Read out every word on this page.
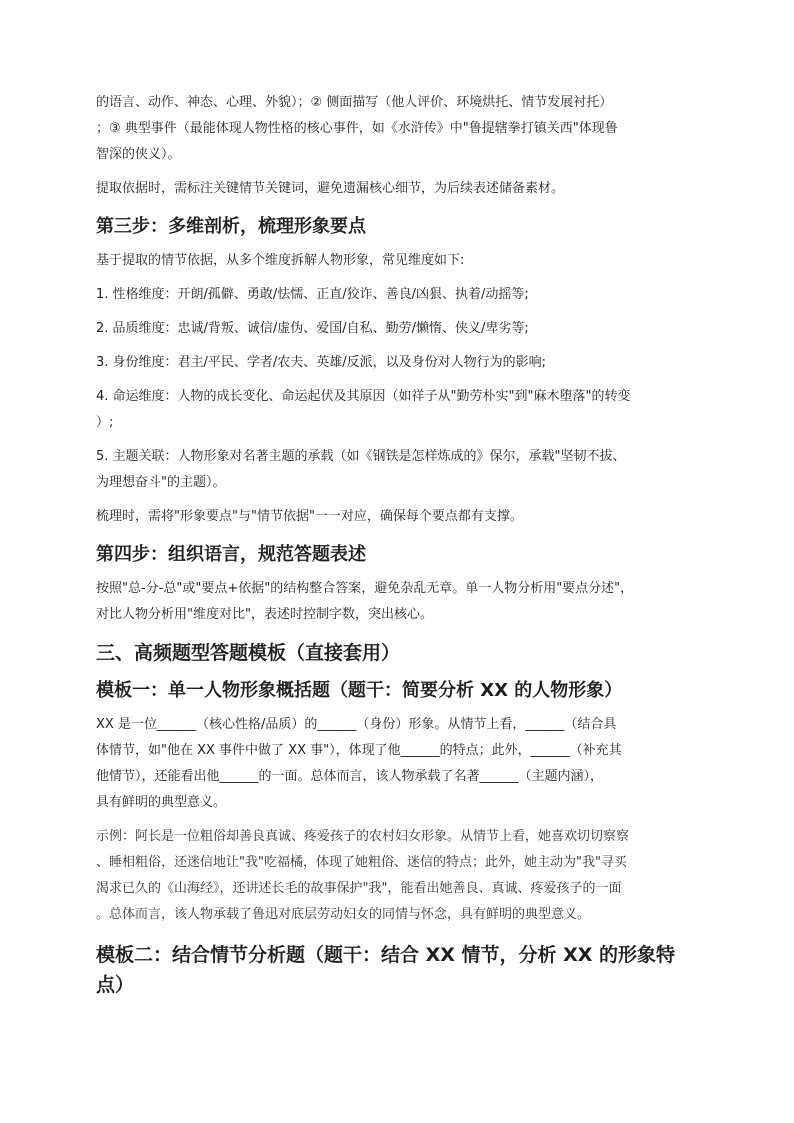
的语言、动作、神态、心理、外貌）；② 侧面描写（他人评价、环境烘托、情节发展衬托）

；③ 典型事件（最能体现人物性格的核心事件，如《水浒传》中"鲁提辖拳打镇关西"体现鲁

智深的侠义）。

提取依据时，需标注关键情节关键词，避免遗漏核心细节，为后续表述储备素材。

第三步：多维剖析，梳理形象要点

基于提取的情节依据，从多个维度拆解人物形象，常见维度如下:

1. 性格维度：开朗/孤僻、勇敢/怯懦、正直/狡诈、善良/凶狠、执着/动摇等;

2. 品质维度：忠诚/背叛、诚信/虚伪、爱国/自私、勤劳/懒惰、侠义/卑劣等;

3. 身份维度：君主/平民、学者/农夫、英雄/反派，以及身份对人物行为的影响;

4. 命运维度：人物的成长变化、命运起伏及其原因（如祥子从"勤劳朴实"到"麻木堕落"的转变

）;

5. 主题关联：人物形象对名著主题的承载（如《钢铁是怎样炼成的》保尔，承载"坚韧不拔、

为理想奋斗"的主题）。

梳理时，需将"形象要点"与"情节依据"一一对应，确保每个要点都有支撑。

第四步：组织语言，规范答题表述

按照"总-分-总"或"要点+依据"的结构整合答案，避免杂乱无章。单一人物分析用"要点分述"，

对比人物分析用"维度对比"，表述时控制字数，突出核心。

三、高频题型答题模板（直接套用）

模板一：单一人物形象概括题（题干：简要分析 XX 的人物形象）

XX 是一位______（核心性格/品质）的______（身份）形象。从情节上看，______（结合具

体情节，如"他在 XX 事件中做了 XX 事"），体现了他______的特点；此外，______（补充其

他情节），还能看出他______的一面。总体而言，该人物承载了名著______（主题内涵），

具有鲜明的典型意义。

示例：阿长是一位粗俗却善良真诚、疼爱孩子的农村妇女形象。从情节上看，她喜欢切切察察

、睡相粗俗，还迷信地让"我"吃福橘，体现了她粗俗、迷信的特点；此外，她主动为"我"寻买

渴求已久的《山海经》，还讲述长毛的故事保护"我"，能看出她善良、真诚、疼爱孩子的一面

。总体而言，该人物承载了鲁迅对底层劳动妇女的同情与怀念，具有鲜明的典型意义。

模板二：结合情节分析题（题干：结合 XX 情节，分析 XX 的形象特

点）
